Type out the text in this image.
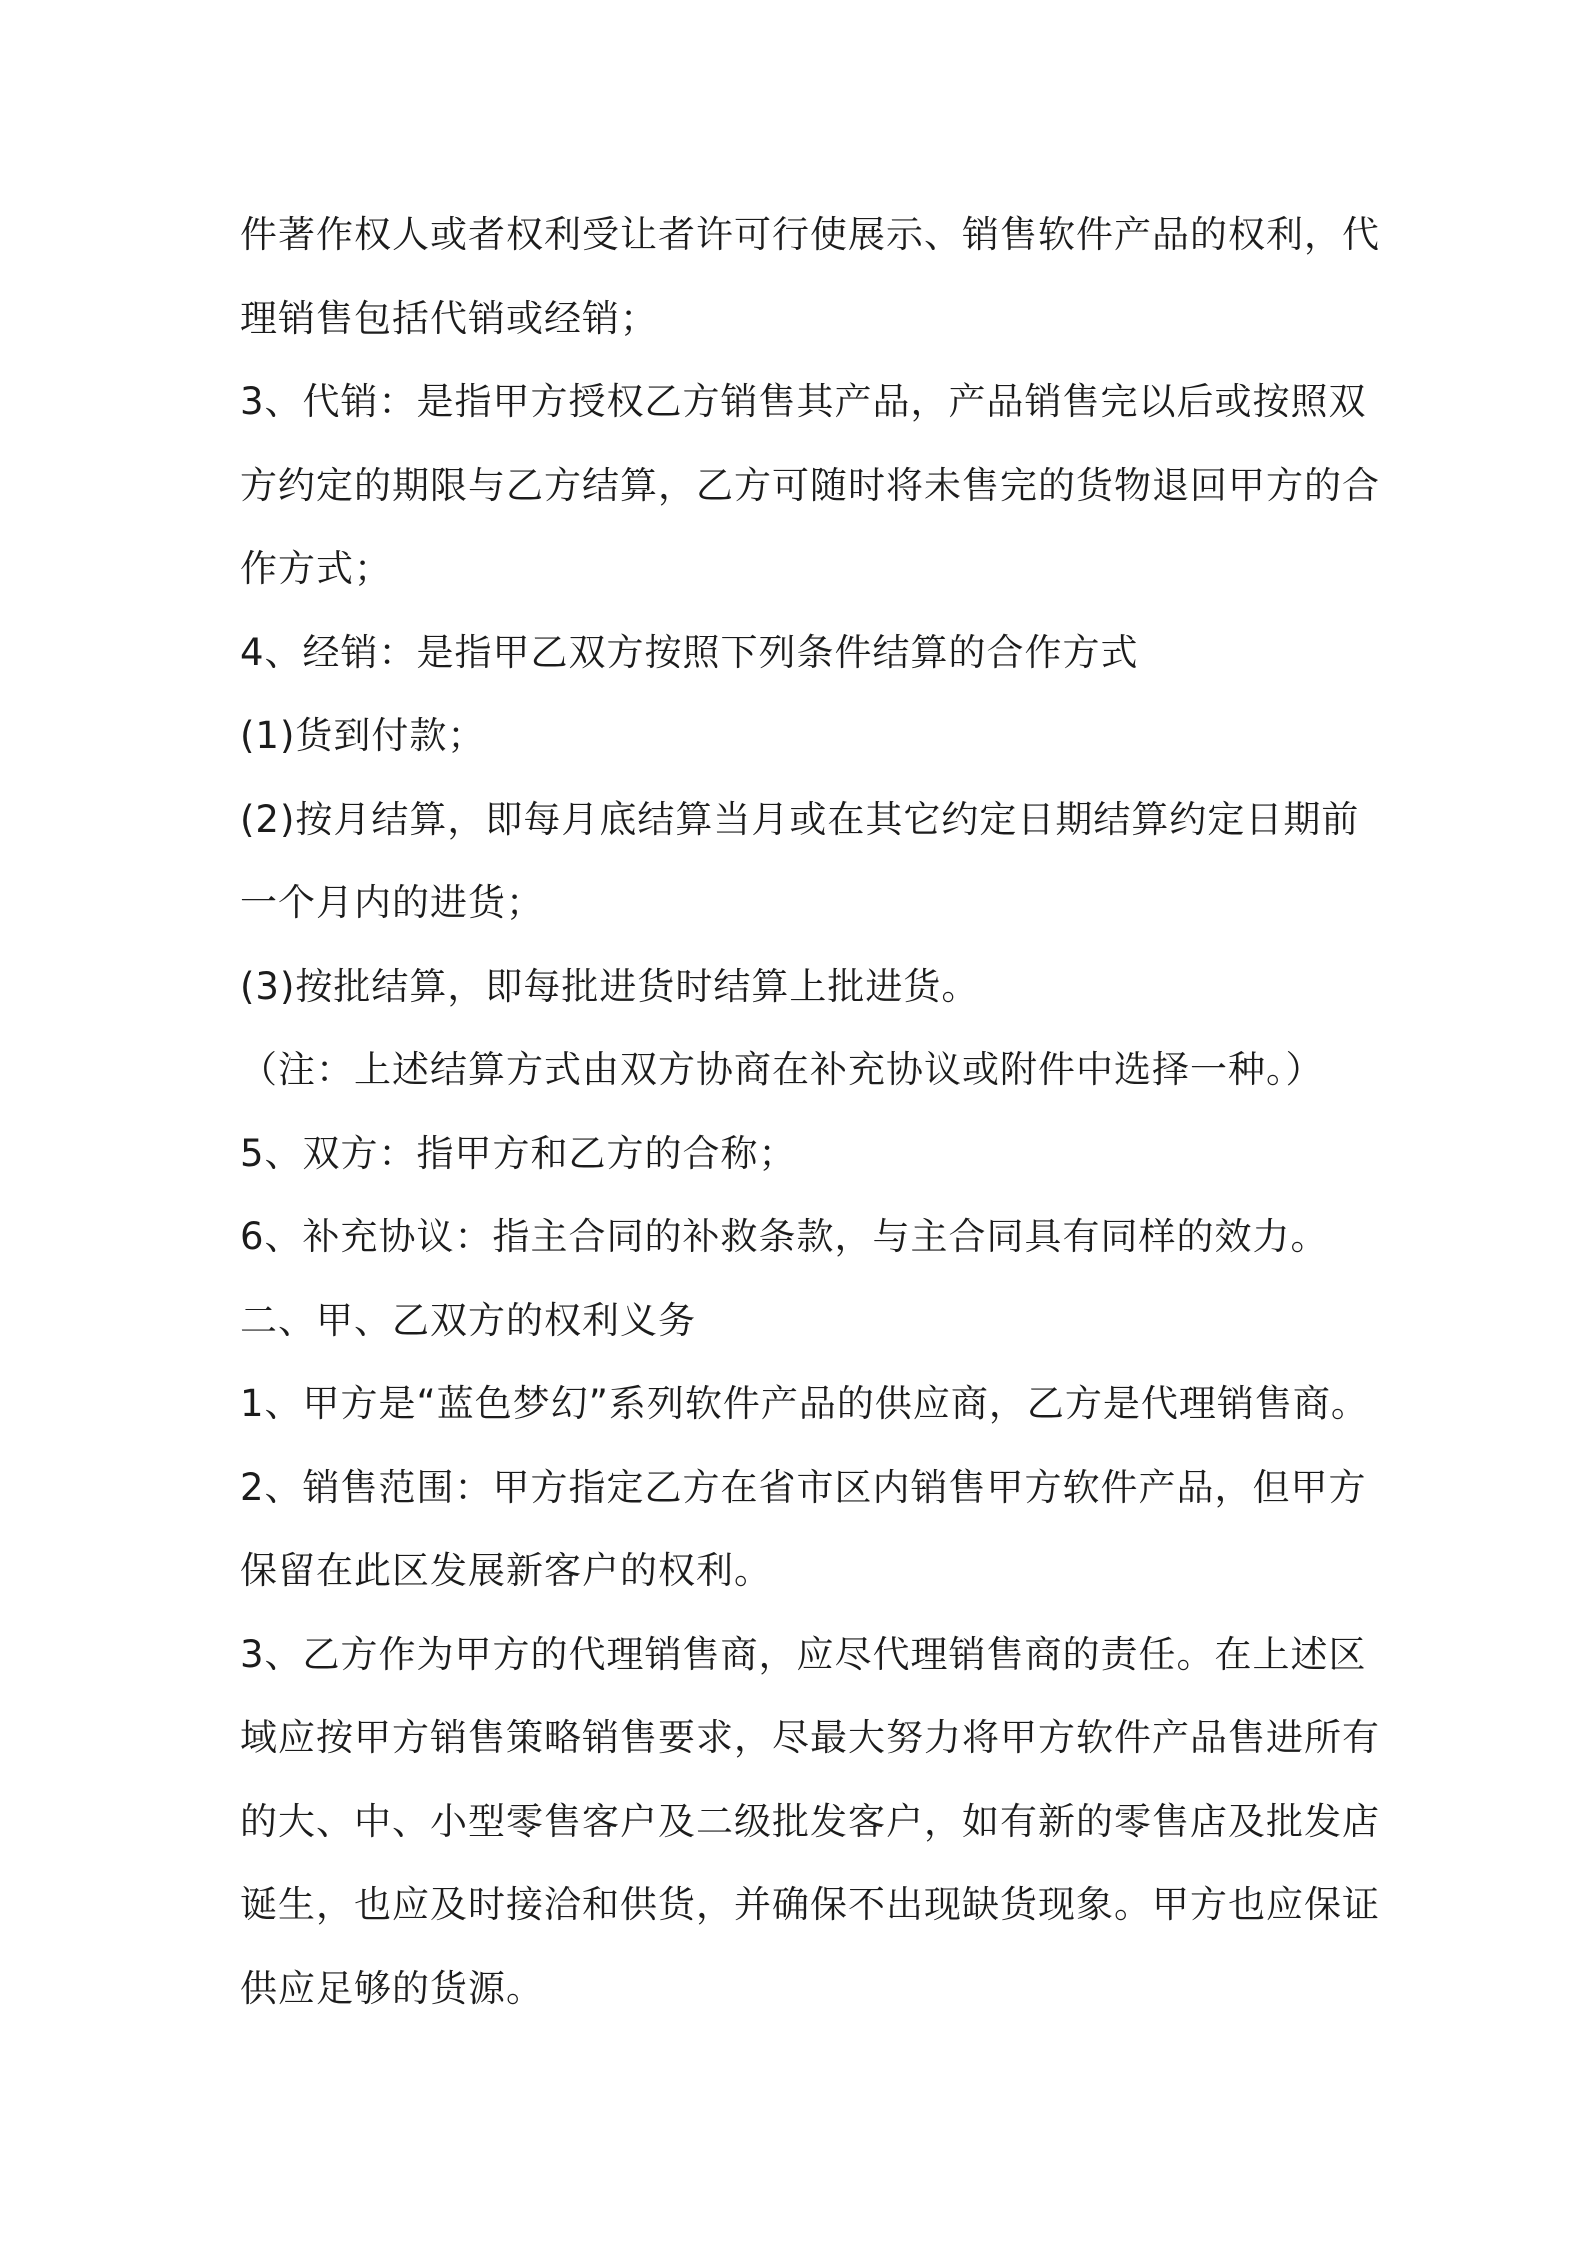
件著作权人或者权利受让者许可行使展示、销售软件产品的权利，代
理销售包括代销或经销；
3、代销：是指甲方授权乙方销售其产品，产品销售完以后或按照双
方约定的期限与乙方结算，乙方可随时将未售完的货物退回甲方的合
作方式；
4、经销：是指甲乙双方按照下列条件结算的合作方式
(1)货到付款；
(2)按月结算，即每月底结算当月或在其它约定日期结算约定日期前
一个月内的进货；
(3)按批结算，即每批进货时结算上批进货。
（注：上述结算方式由双方协商在补充协议或附件中选择一种。）
5、双方：指甲方和乙方的合称；
6、补充协议：指主合同的补救条款，与主合同具有同样的效力。
二、甲、乙双方的权利义务
1、甲方是“蓝色梦幻”系列软件产品的供应商，乙方是代理销售商。
2、销售范围：甲方指定乙方在省市区内销售甲方软件产品，但甲方
保留在此区发展新客户的权利。
3、乙方作为甲方的代理销售商，应尽代理销售商的责任。在上述区
域应按甲方销售策略销售要求，尽最大努力将甲方软件产品售进所有
的大、中、小型零售客户及二级批发客户，如有新的零售店及批发店
诞生，也应及时接洽和供货，并确保不出现缺货现象。甲方也应保证
供应足够的货源。
